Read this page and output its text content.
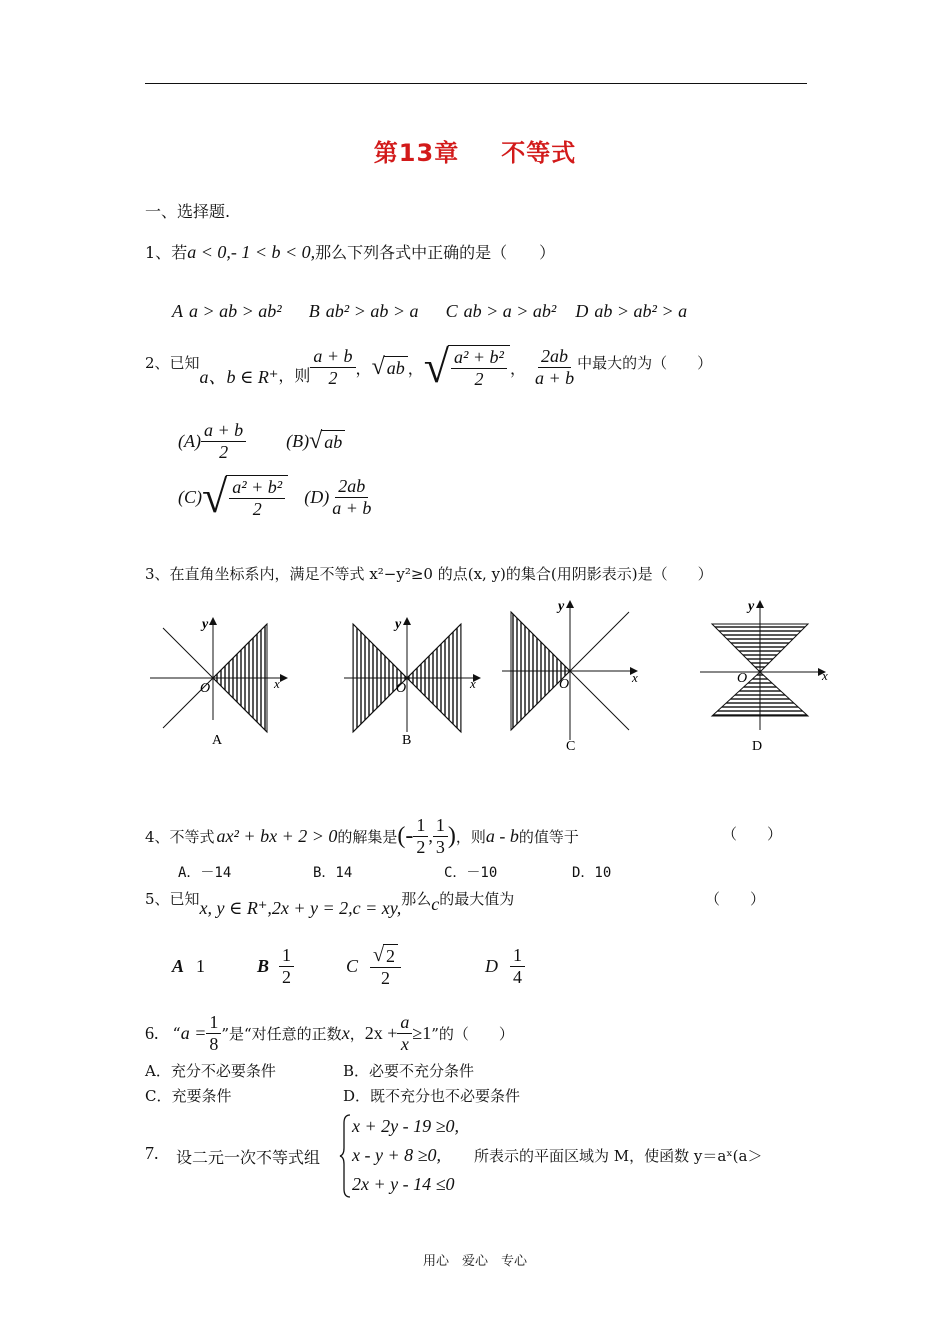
第13章 不等式
一、选择题.
1、若a < 0,- 1 < b < 0,那么下列各式中正确的是（　　）
A a > ab > ab² B ab² > ab > a C ab > a > ab² D ab > ab² > a
2、已知
a、b ∈ R⁺ ，则 $\frac{a + b}{2}$ ， √ ab ， √ $\frac{\text{a² + b²}}{2}$ ， $\frac{2ab}{a + b}$ 中最大的为（　　）
$(A) \frac{a + b}{2} (B)$ √ ab
(C) √ $\frac{\text{a² + b²}}{2} (D) \frac{2ab}{a + b}$
3、在直角坐标系内，满足不等式 x²−y²≥0 的点(x, y)的集合(用阴影表示)是（　　）
y
x
O
A
y
x
O
B
y
x
O
C
y
x
O
D
4、不等式 ax² + bx + 2 > 0 的解集是 (- $\frac{1}{2}$ , $\frac{1}{3}$ ) ，则 a - b 的值等于	（　　）
A．－14	B．14	C．－10	D．10
5、已知 x, y ∈ R⁺,2x + y = 2,c = xy, 那么 c 的最大值为	（　　）
A 1	B $\frac{1}{2}$	C $\frac{√ 2}{2}$	D $\frac{1}{4}$
6. “ $a = \frac{1}{8}$ ”是“对任意的正数 x ， $2x + \frac{a}{x} \ge 1$ ”的（　　）
A．充分不必要条件	B．必要不充分条件
C．充要条件	D．既不充分也不必要条件
7. 设二元一次不等式组
x + 2y - 19 ≥0,
x - y + 8 ≥0,
2x + y - 14 ≤0
所表示的平面区域为 M，使函数 y＝aˣ(a＞
用心　爱心　专心
